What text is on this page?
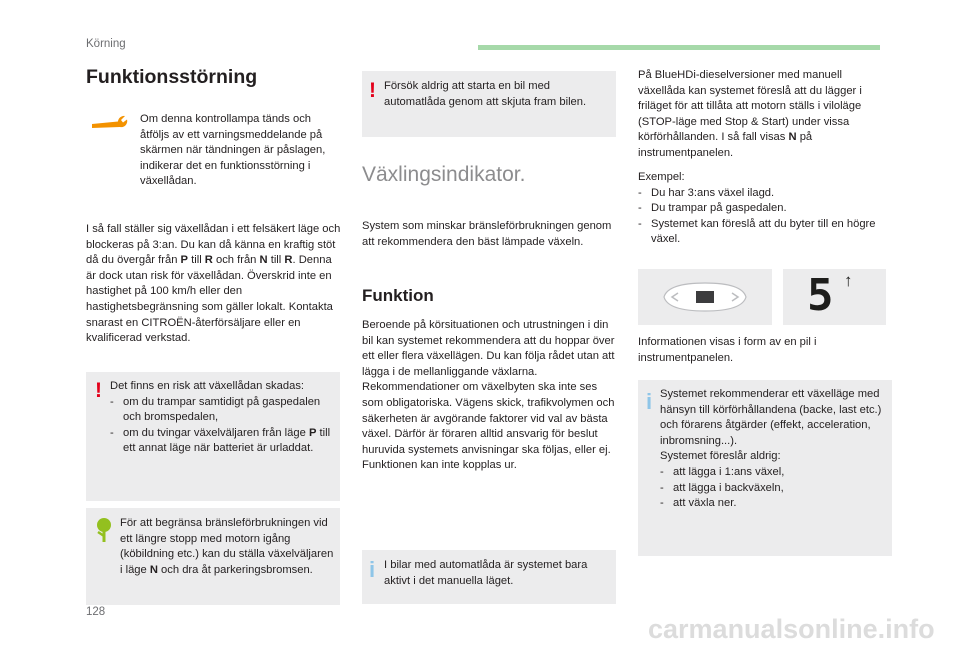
Körning
Funktionsstörning

Om denna kontrollampa tänds och åtföljs av ett varningsmeddelande på skärmen när tändningen är påslagen, indikerar det en funktionsstörning i växellådan.

I så fall ställer sig växellådan i ett felsäkert läge och blockeras på 3:an. Du kan då känna en kraftig stöt då du övergår från P till R och från N till R. Denna är dock utan risk för växellådan. Överskrid inte en hastighet på 100 km/h eller den hastighetsbegränsning som gäller lokalt. Kontakta snarast en CITROËN-återförsäljare eller en kvalificerad verkstad.

! Det finns en risk att växellådan skadas:
- om du trampar samtidigt på gaspedalen och bromspedalen,
- om du tvingar växelväljaren från läge P till ett annat läge när batteriet är urladdat.
För att begränsa bränsleförbrukningen vid ett längre stopp med motorn igång (köbildning etc.) kan du ställa växelväljaren i läge N och dra åt parkeringsbromsen.
! Försök aldrig att starta en bil med automatlåda genom att skjuta fram bilen.
Växlingsindikator.

System som minskar bränsleförbrukningen genom att rekommendera den bäst lämpade växeln.

Funktion

Beroende på körsituationen och utrustningen i din bil kan systemet rekommendera att du hoppar över ett eller flera växellägen. Du kan följa rådet utan att lägga i de mellanliggande växlarna.

Rekommendationer om växelbyten ska inte ses som obligatoriska. Vägens skick, trafikvolymen och säkerheten är avgörande faktorer vid val av bästa växel. Därför är föraren alltid ansvarig för beslut huruvida systemets anvisningar ska följas, eller ej.

Funktionen kan inte kopplas ur.

i I bilar med automatlåda är systemet bara aktivt i det manuella läget.

På BlueHDi-dieselversioner med manuell växellåda kan systemet föreslå att du lägger i friläget för att tillåta att motorn ställs i viloläge (STOP-läge med Stop & Start) under vissa körförhållanden. I så fall visas N på instrumentpanelen.

Exempel:
- Du har 3:ans växel ilagd.
- Du trampar på gaspedalen.
- Systemet kan föreslå att du byter till en högre växel.
5 ↑

Informationen visas i form av en pil i instrumentpanelen.

i Systemet rekommenderar ett växelläge med hänsyn till körförhållandena (backe, last etc.) och förarens åtgärder (effekt, acceleration, inbromsning...).
Systemet föreslår aldrig:
- att lägga i 1:ans växel,
- att lägga i backväxeln,
- att växla ner.
128
carmanualsonline.info
